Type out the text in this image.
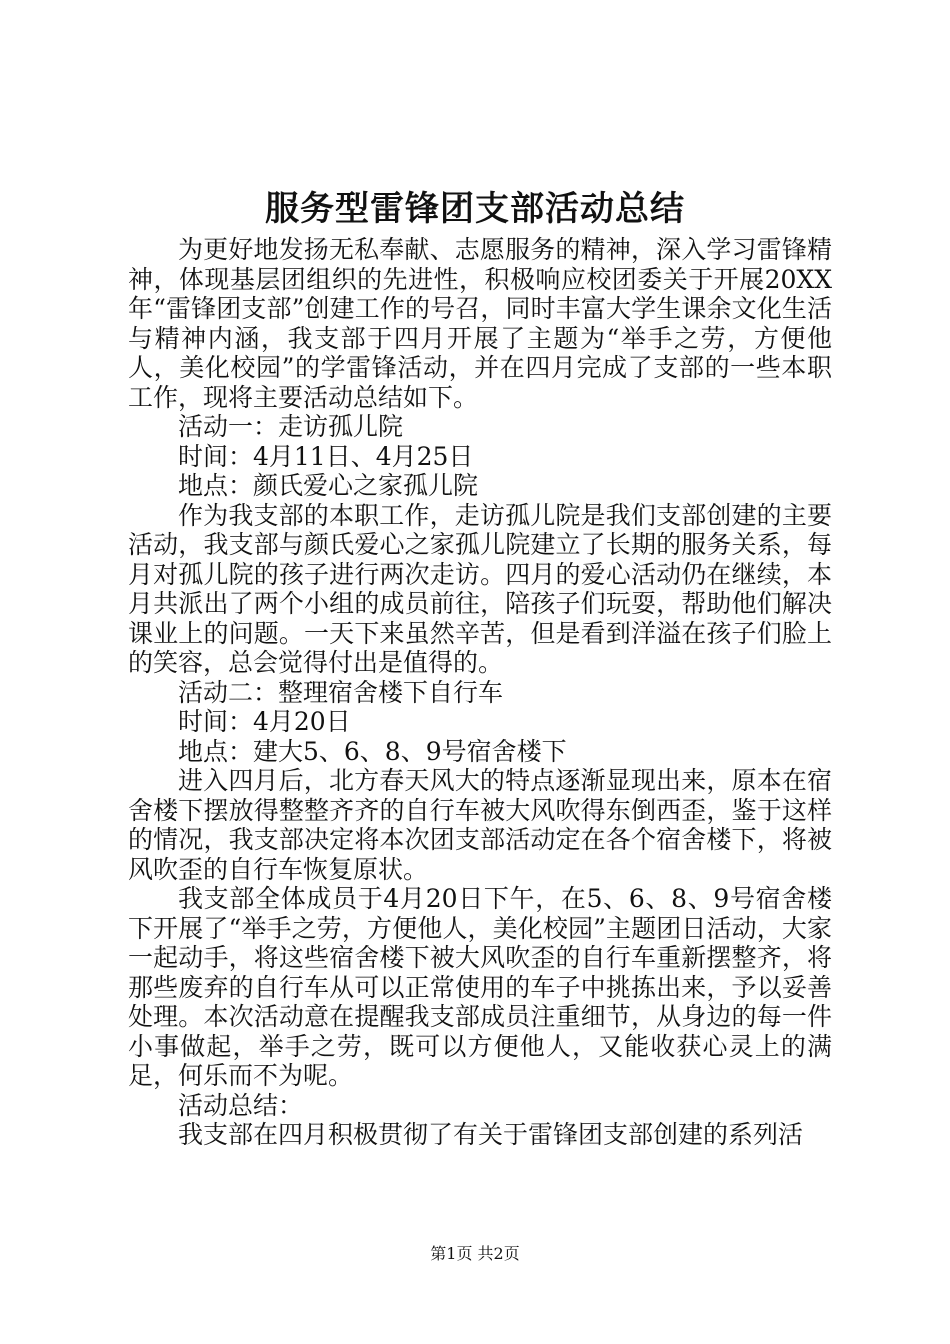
服务型雷锋团支部活动总结

为更好地发扬无私奉献、志愿服务的精神，深入学习雷锋精神，体现基层团组织的先进性，积极响应校团委关于开展20XX年“雷锋团支部”创建工作的号召，同时丰富大学生课余文化生活与精神内涵，我支部于四月开展了主题为“举手之劳，方便他人，美化校园”的学雷锋活动，并在四月完成了支部的一些本职工作，现将主要活动总结如下。

活动一：走访孤儿院

时间：4月11日、4月25日

地点：颜氏爱心之家孤儿院

作为我支部的本职工作，走访孤儿院是我们支部创建的主要活动，我支部与颜氏爱心之家孤儿院建立了长期的服务关系，每月对孤儿院的孩子进行两次走访。四月的爱心活动仍在继续，本月共派出了两个小组的成员前往，陪孩子们玩耍，帮助他们解决课业上的问题。一天下来虽然辛苦，但是看到洋溢在孩子们脸上的笑容，总会觉得付出是值得的。

活动二：整理宿舍楼下自行车

时间：4月20日

地点：建大5、6、8、9号宿舍楼下

进入四月后，北方春天风大的特点逐渐显现出来，原本在宿舍楼下摆放得整整齐齐的自行车被大风吹得东倒西歪，鉴于这样的情况，我支部决定将本次团支部活动定在各个宿舍楼下，将被风吹歪的自行车恢复原状。

我支部全体成员于4月20日下午，在5、6、8、9号宿舍楼下开展了“举手之劳，方便他人，美化校园”主题团日活动，大家一起动手，将这些宿舍楼下被大风吹歪的自行车重新摆整齐，将那些废弃的自行车从可以正常使用的车子中挑拣出来，予以妥善处理。本次活动意在提醒我支部成员注重细节，从身边的每一件小事做起，举手之劳，既可以方便他人，又能收获心灵上的满足，何乐而不为呢。

活动总结：

我支部在四月积极贯彻了有关于雷锋团支部创建的系列活

第1页 共2页
